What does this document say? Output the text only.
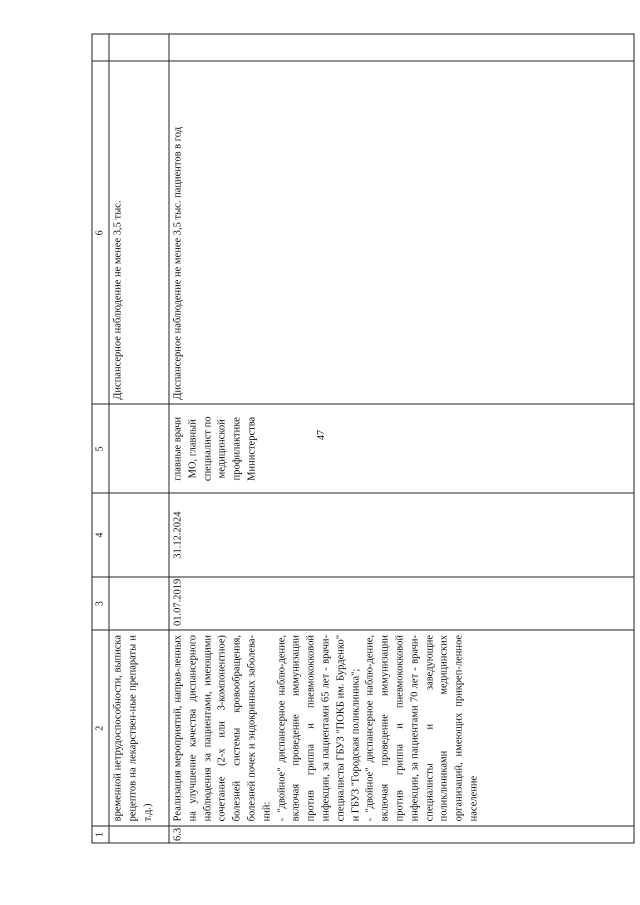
47
1	2	3	4	5	6	
	временной нетрудоспособности, выписка рецептов на лекарствен-ные препараты и т.д.)				Диспансерное наблюдение не менее 3,5 тыс.	
6.3	Реализация мероприятий, направ-ленных на улучшение качества диспансерного наблюдения за пациентами, имеющими сочетание (2-х или 3-компонентное) болезней системы кровообращения, болезней почек и эндокринных заболева-ний: - "двойное" диспансерное наблю-дение, включая проведение иммунизации против гриппа и пневмококковой инфекции, за пациентами 65 лет - врачи-специалисты ГБУЗ "ПОКБ им. Бурденко" и ГБУЗ "Городская поликлиника"; - "двойное" диспансерное наблю-дение, включая проведение иммунизации против гриппа и пневмококковой инфекции, за пациентами 70 лет - врачи-специалисты и заведующие поликлиниками медицинских организаций, имеющих прикреп-ленное население	01.07.2019	31.12.2024	главные врачи МО, главный специалист по медицинской профилактике Министерства	Диспансерное наблюдение не менее 3,5 тыс. пациентов в год	
